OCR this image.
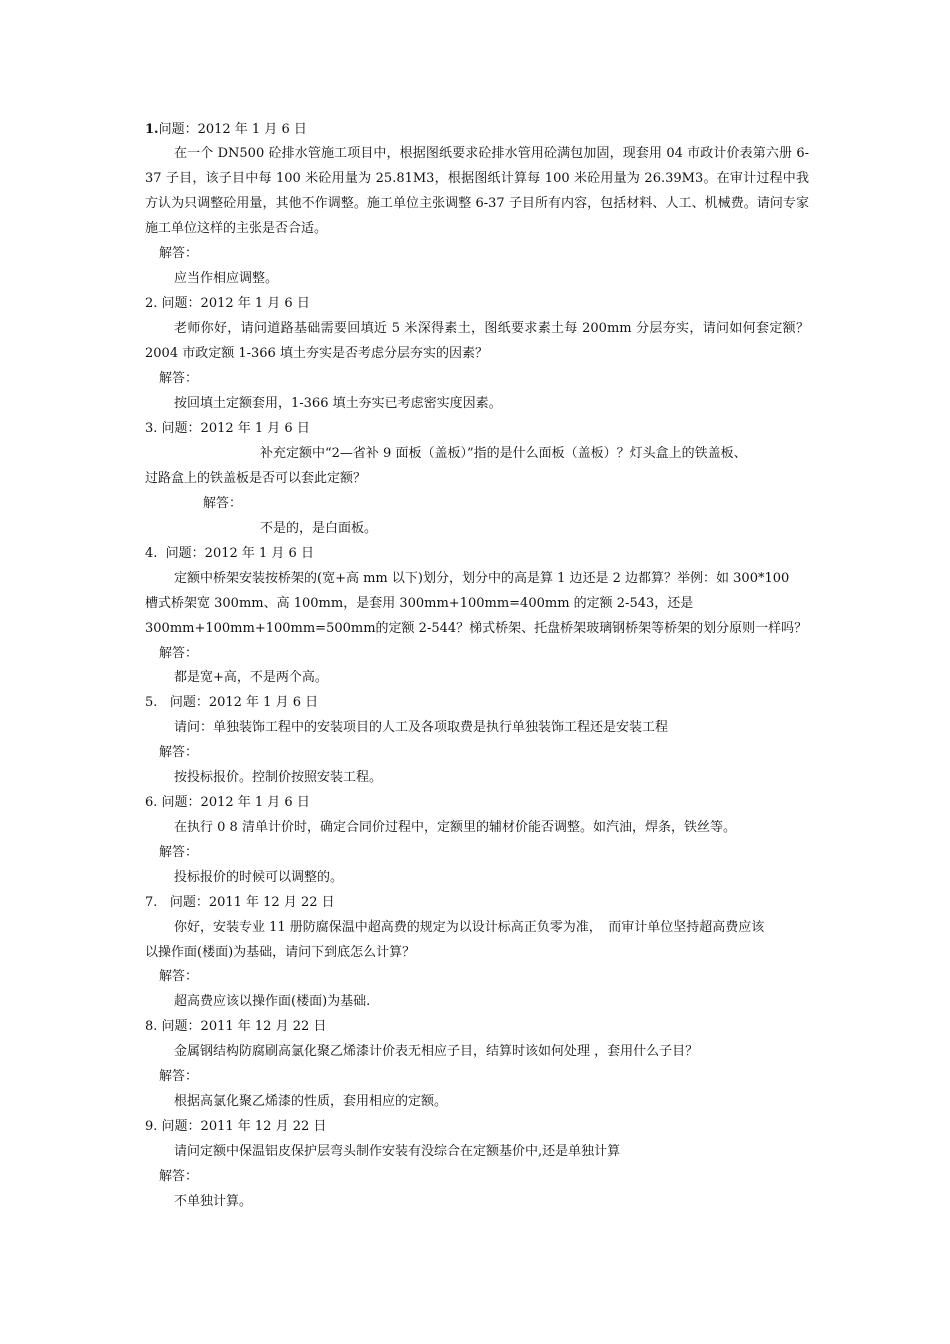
1.问题：2012 年 1 月 6 日
在一个 DN500 砼排水管施工项目中，根据图纸要求砼排水管用砼满包加固，现套用 04 市政计价表第六册 6-37 子目，该子目中每 100 米砼用量为 25.81M3，根据图纸计算每 100 米砼用量为 26.39M3。在审计过程中我方认为只调整砼用量，其他不作调整。施工单位主张调整 6-37 子目所有内容，包括材料、人工、机械费。请问专家施工单位这样的主张是否合适。
解答：
应当作相应调整。
2. 问题：2012 年 1 月 6 日
老师你好，请问道路基础需要回填近 5 米深得素土，图纸要求素土每 200mm 分层夯实，请问如何套定额？2004 市政定额 1-366 填土夯实是否考虑分层夯实的因素？
解答：
按回填土定额套用，1-366 填土夯实已考虑密实度因素。
3. 问题：2012 年 1 月 6 日
补充定额中“2—省补 9 面板（盖板）”指的是什么面板（盖板）？灯头盒上的铁盖板、
过路盒上的铁盖板是否可以套此定额？
解答：
不是的，是白面板。
4. 问题：2012 年 1 月 6 日
定额中桥架安装按桥架的(宽+高 mm 以下)划分，划分中的高是算 1 边还是 2 边都算？举例：如 300*100
槽式桥架宽 300mm、高 100mm，是套用 300mm+100mm=400mm 的定额 2-543，还是
300mm+100mm+100mm=500mm的定额 2-544？梯式桥架、托盘桥架玻璃钢桥架等桥架的划分原则一样吗？
解答：
都是宽+高，不是两个高。
5. 问题：2012 年 1 月 6 日
请问：单独装饰工程中的安装项目的人工及各项取费是执行单独装饰工程还是安装工程
解答：
按投标报价。控制价按照安装工程。
6. 问题：2012 年 1 月 6 日
在执行 0 8 清单计价时，确定合同价过程中，定额里的辅材价能否调整。如汽油，焊条，铁丝等。
解答：
投标报价的时候可以调整的。
7. 问题：2011 年 12 月 22 日
你好，安装专业 11 册防腐保温中超高费的规定为以设计标高正负零为准，　而审计单位坚持超高费应该
以操作面(楼面)为基础，请问下到底怎么计算？
解答：
超高费应该以操作面(楼面)为基础.
8. 问题：2011 年 12 月 22 日
金属钢结构防腐刷高氯化聚乙烯漆计价表无相应子目，结算时该如何处理 ，套用什么子目？
解答：
根据高氯化聚乙烯漆的性质，套用相应的定额。
9. 问题：2011 年 12 月 22 日
请问定额中保温铝皮保护层弯头制作安装有没综合在定额基价中,还是单独计算
解答：
不单独计算。
